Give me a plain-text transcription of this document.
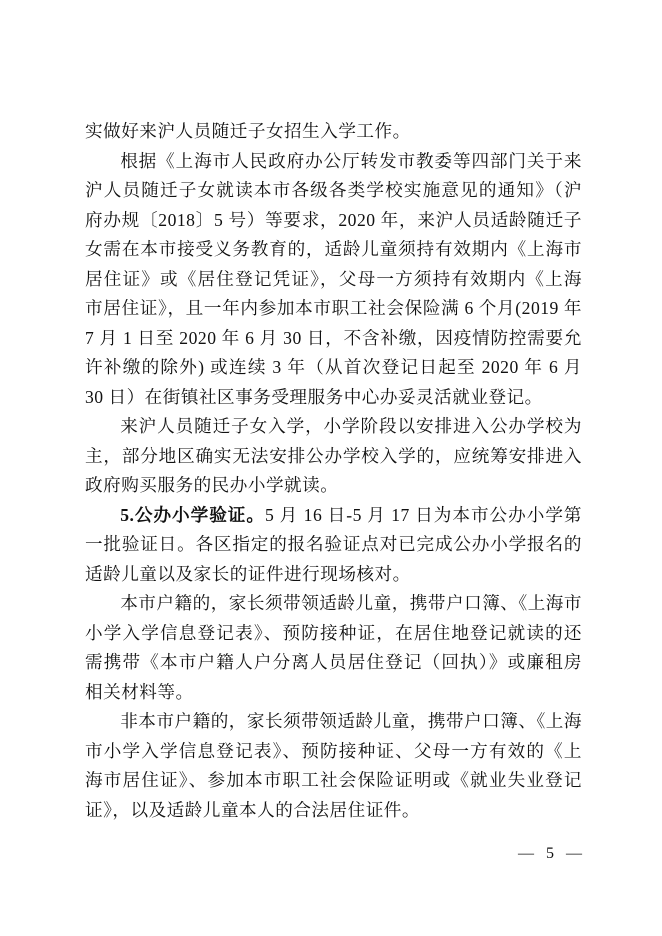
实做好来沪人员随迁子女招生入学工作。

根据《上海市人民政府办公厅转发市教委等四部门关于来沪人员随迁子女就读本市各级各类学校实施意见的通知》（沪府办规〔2018〕5 号）等要求，2020 年，来沪人员适龄随迁子女需在本市接受义务教育的，适龄儿童须持有效期内《上海市居住证》或《居住登记凭证》，父母一方须持有效期内《上海市居住证》，且一年内参加本市职工社会保险满 6 个月(2019 年 7 月 1 日至 2020 年 6 月 30 日，不含补缴，因疫情防控需要允许补缴的除外) 或连续 3 年（从首次登记日起至 2020 年 6 月 30 日）在街镇社区事务受理服务中心办妥灵活就业登记。

来沪人员随迁子女入学，小学阶段以安排进入公办学校为主，部分地区确实无法安排公办学校入学的，应统筹安排进入政府购买服务的民办小学就读。

5.公办小学验证。5 月 16 日-5 月 17 日为本市公办小学第一批验证日。各区指定的报名验证点对已完成公办小学报名的适龄儿童以及家长的证件进行现场核对。

本市户籍的，家长须带领适龄儿童，携带户口簿、《上海市小学入学信息登记表》、预防接种证，在居住地登记就读的还需携带《本市户籍人户分离人员居住登记（回执）》或廉租房相关材料等。

非本市户籍的，家长须带领适龄儿童，携带户口簿、《上海市小学入学信息登记表》、预防接种证、父母一方有效的《上海市居住证》、参加本市职工社会保险证明或《就业失业登记证》，以及适龄儿童本人的合法居住证件。

— 5 —
